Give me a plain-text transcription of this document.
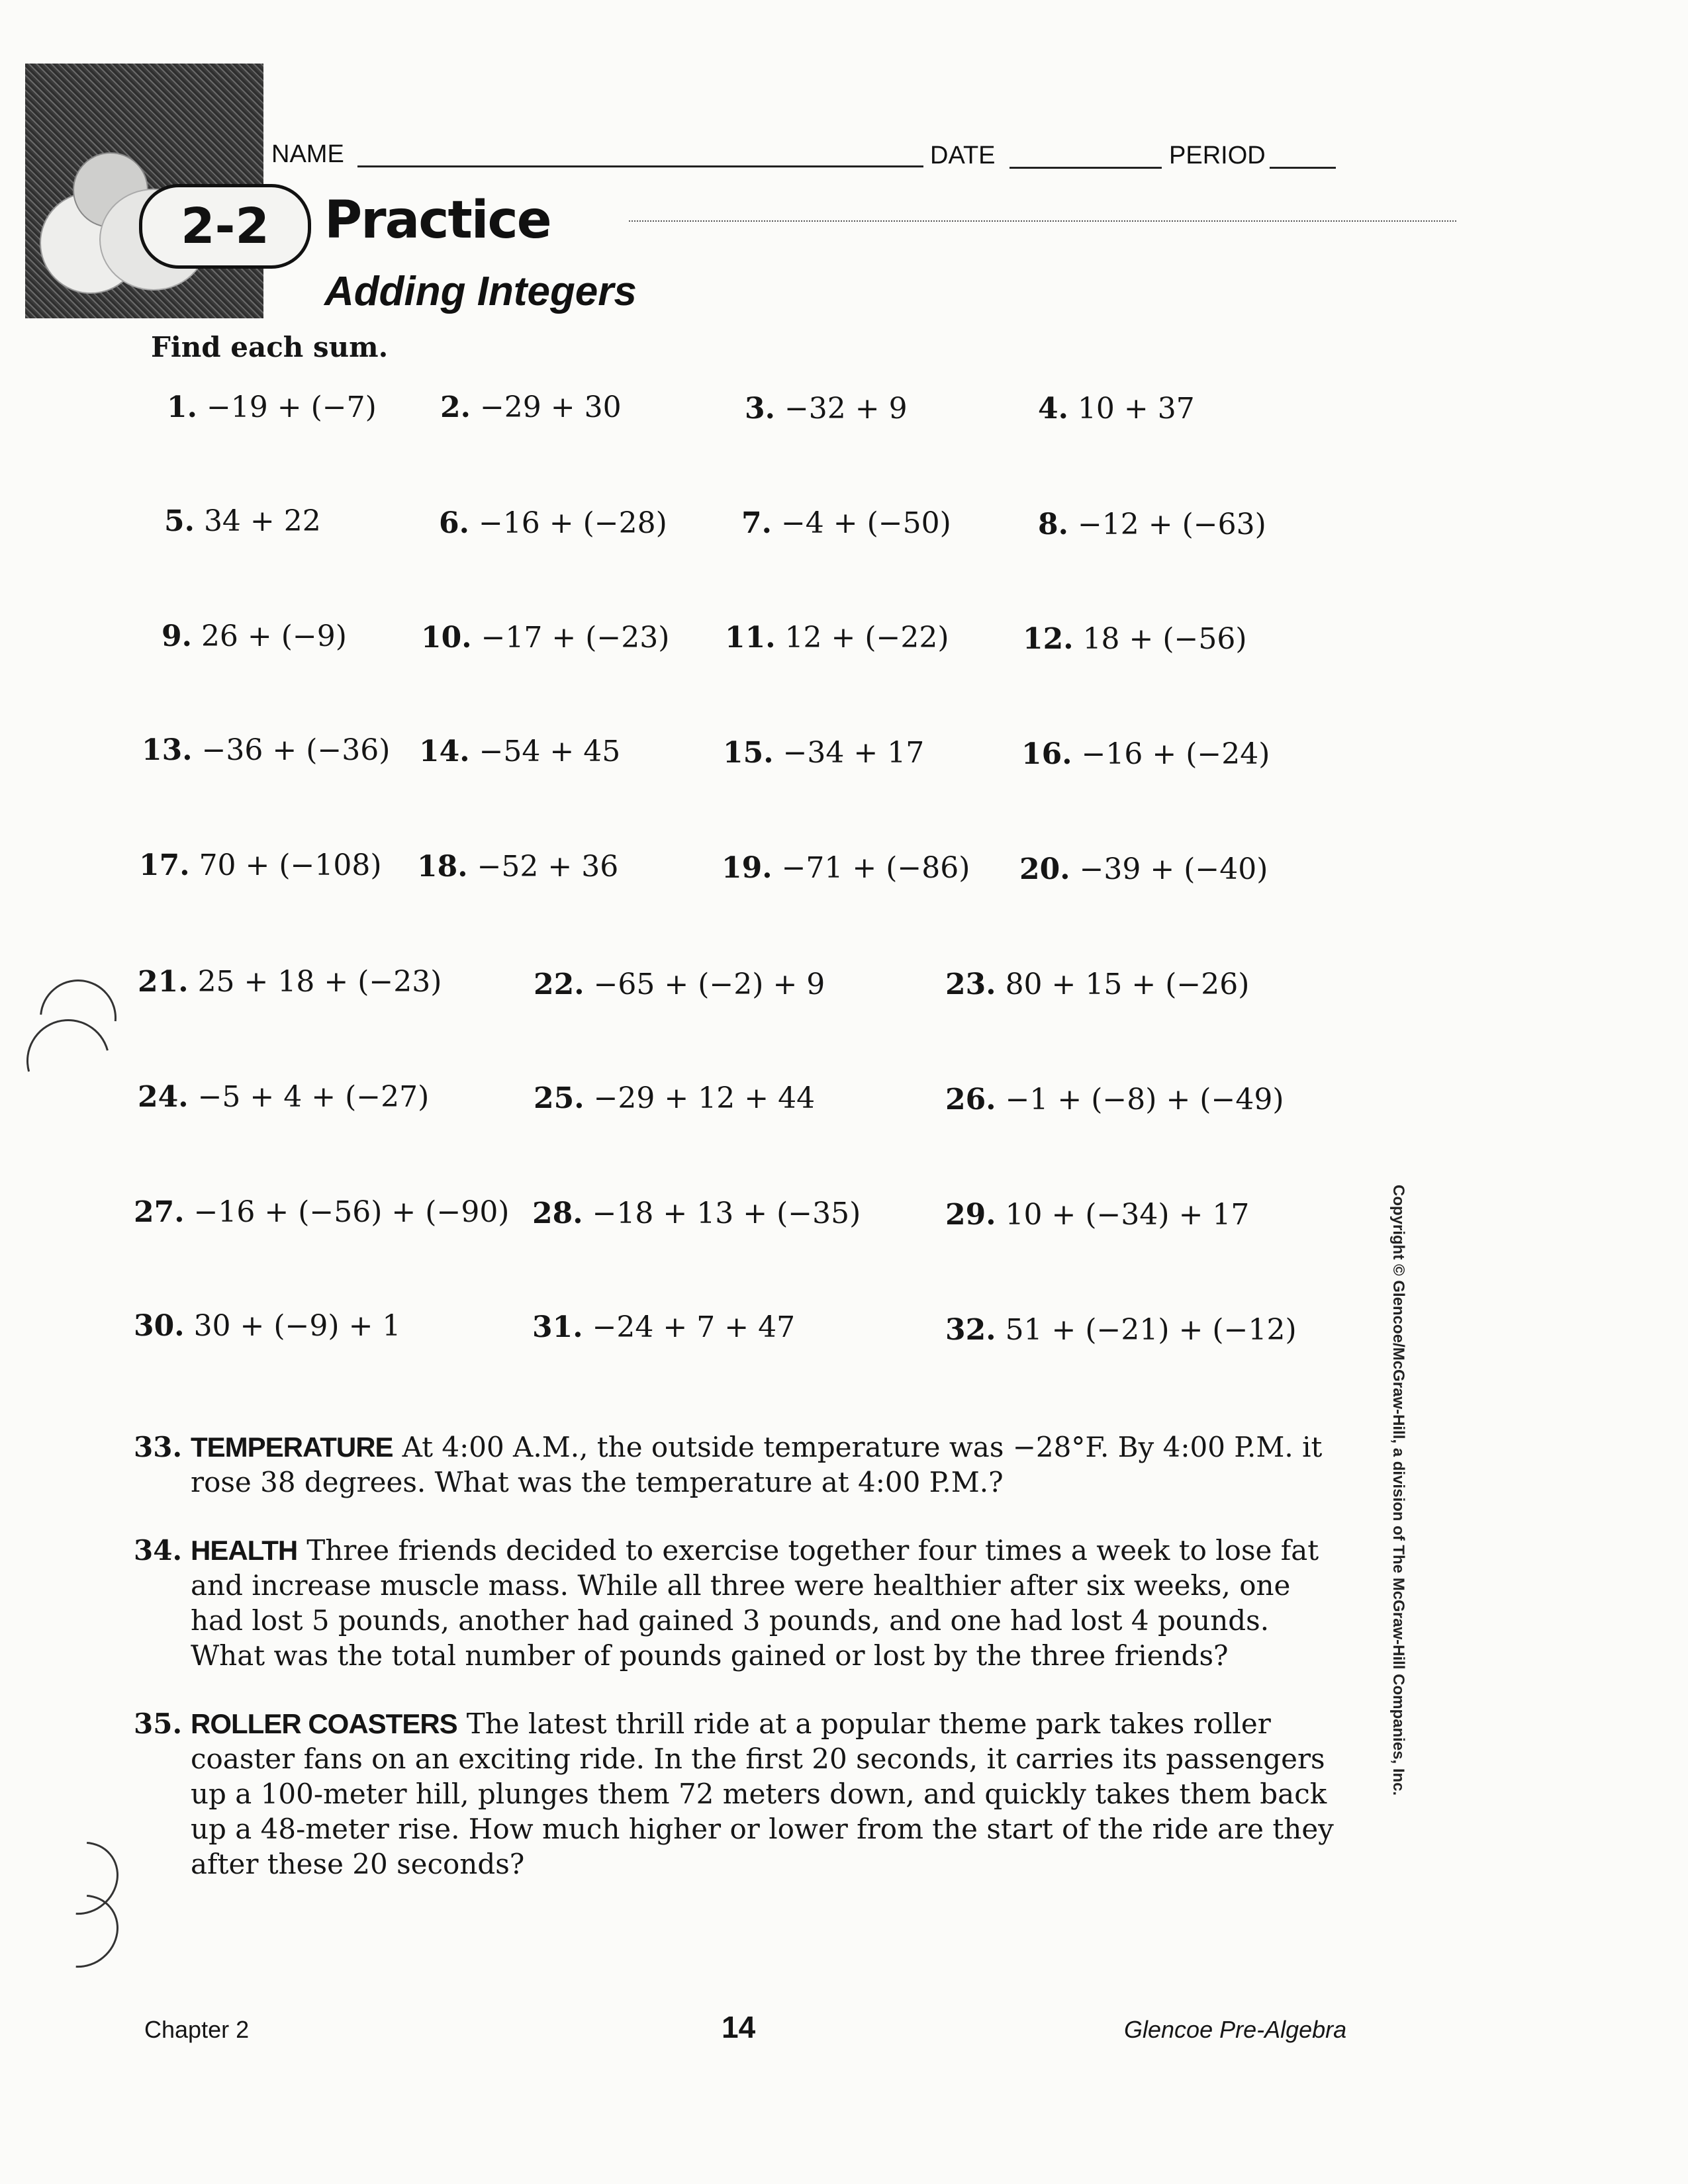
2-2
NAME	DATE	PERIOD
Practice
Adding Integers
Find each sum.
1. −19 + (−7) 2. −29 + 30	3. −32 + 9	4. 10 + 37
5. 34 + 22	6. −16 + (−28)	7. −4 + (−50)	8. −12 + (−63)
9. 26 + (−9)	10. −17 + (−23) 11. 12 + (−22)	12. 18 + (−56)
13. −36 + (−36) 14. −54 + 45	15. −34 + 17	16. −16 + (−24)
17. 70 + (−108) 18. −52 + 36	19. −71 + (−86) 20. −39 + (−40)
21. 25 + 18 + (−23)	22. −65 + (−2) + 9	23. 80 + 15 + (−26)
24. −5 + 4 + (−27)	25. −29 + 12 + 44	26. −1 + (−8) + (−49)
27. −16 + (−56) + (−90) 28. −18 + 13 + (−35)	29. 10 + (−34) + 17
30. 30 + (−9) + 1	31. −24 + 7 + 47	32. 51 + (−21) + (−12)
33. TEMPERATURE At 4:00 A.M., the outside temperature was −28°F. By 4:00 P.M. it rose 38 degrees. What was the temperature at 4:00 P.M.?
34. HEALTH Three friends decided to exercise together four times a week to lose fat and increase muscle mass. While all three were healthier after six weeks, one had lost 5 pounds, another had gained 3 pounds, and one had lost 4 pounds. What was the total number of pounds gained or lost by the three friends?
35. ROLLER COASTERS The latest thrill ride at a popular theme park takes roller coaster fans on an exciting ride. In the first 20 seconds, it carries its passengers up a 100-meter hill, plunges them 72 meters down, and quickly takes them back up a 48-meter rise. How much higher or lower from the start of the ride are they after these 20 seconds?
Copyright © Glencoe/McGraw-Hill, a division of The McGraw-Hill Companies, Inc.
Chapter 2	14	Glencoe Pre-Algebra
